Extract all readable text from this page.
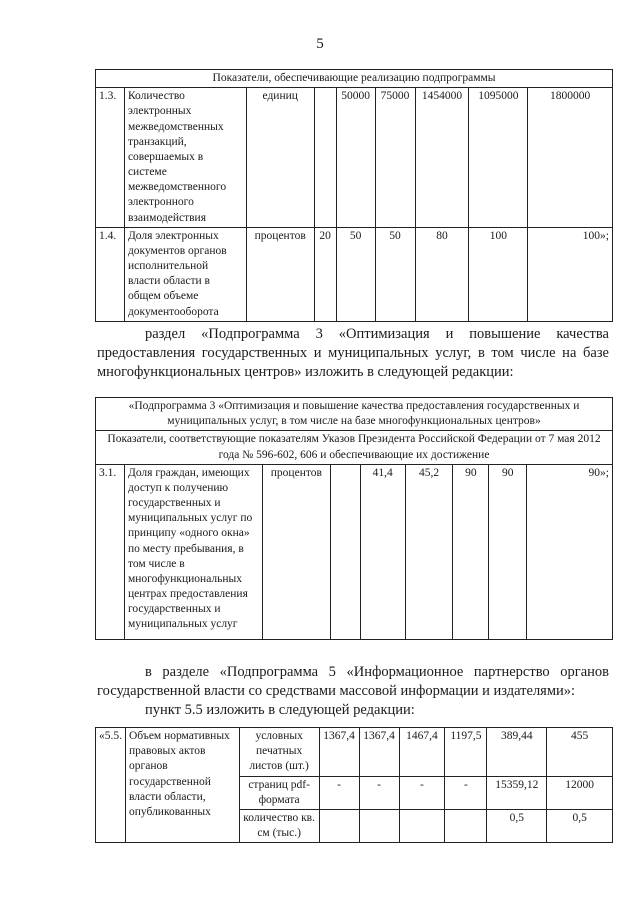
5
Показатели, обеспечивающие реализацию подпрограммы								
1.3.	Количество электронных межведомственных транзакций, совершаемых в системе межведомственного электронного взаимодействия	единиц		50000	75000	1454000	1095000	1800000
1.4.	Доля электронных документов органов исполнительной власти области в общем объеме документооборота	процентов	20	50	50	80	100	100»;
раздел «Подпрограмма 3 «Оптимизация и повышение качества предоставления государственных и муниципальных услуг, в том числе на базе многофункциональных центров» изложить в следующей редакции:
«Подпрограмма 3 «Оптимизация и повышение качества предоставления государственных и муниципальных услуг, в том числе на базе многофункциональных центров»
Показатели, соответствующие показателям Указов Президента Российской Федерации от 7 мая 2012 года № 596-602, 606 и обеспечивающие их достижение
3.1.	Доля граждан, имеющих доступ к получению государственных и муниципальных услуг по принципу «одного окна» по месту пребывания, в том числе в многофункциональных центрах предоставления государственных и муниципальных услуг	процентов		41,4	45,2	90	90	90»;
в разделе «Подпрограмма 5 «Информационное партнерство органов государственной власти со средствами массовой информации и издателями»:
пункт 5.5 изложить в следующей редакции:
«5.5.	Объем нормативных правовых актов органов государственной власти области, опубликованных	условных печатных листов (шт.)	1367,4	1367,4	1467,4	1197,5	389,44	455
		страниц pdf-формата	-	-	-	-	15359,12	12000
		количество кв. см (тыс.)					0,5	0,5
